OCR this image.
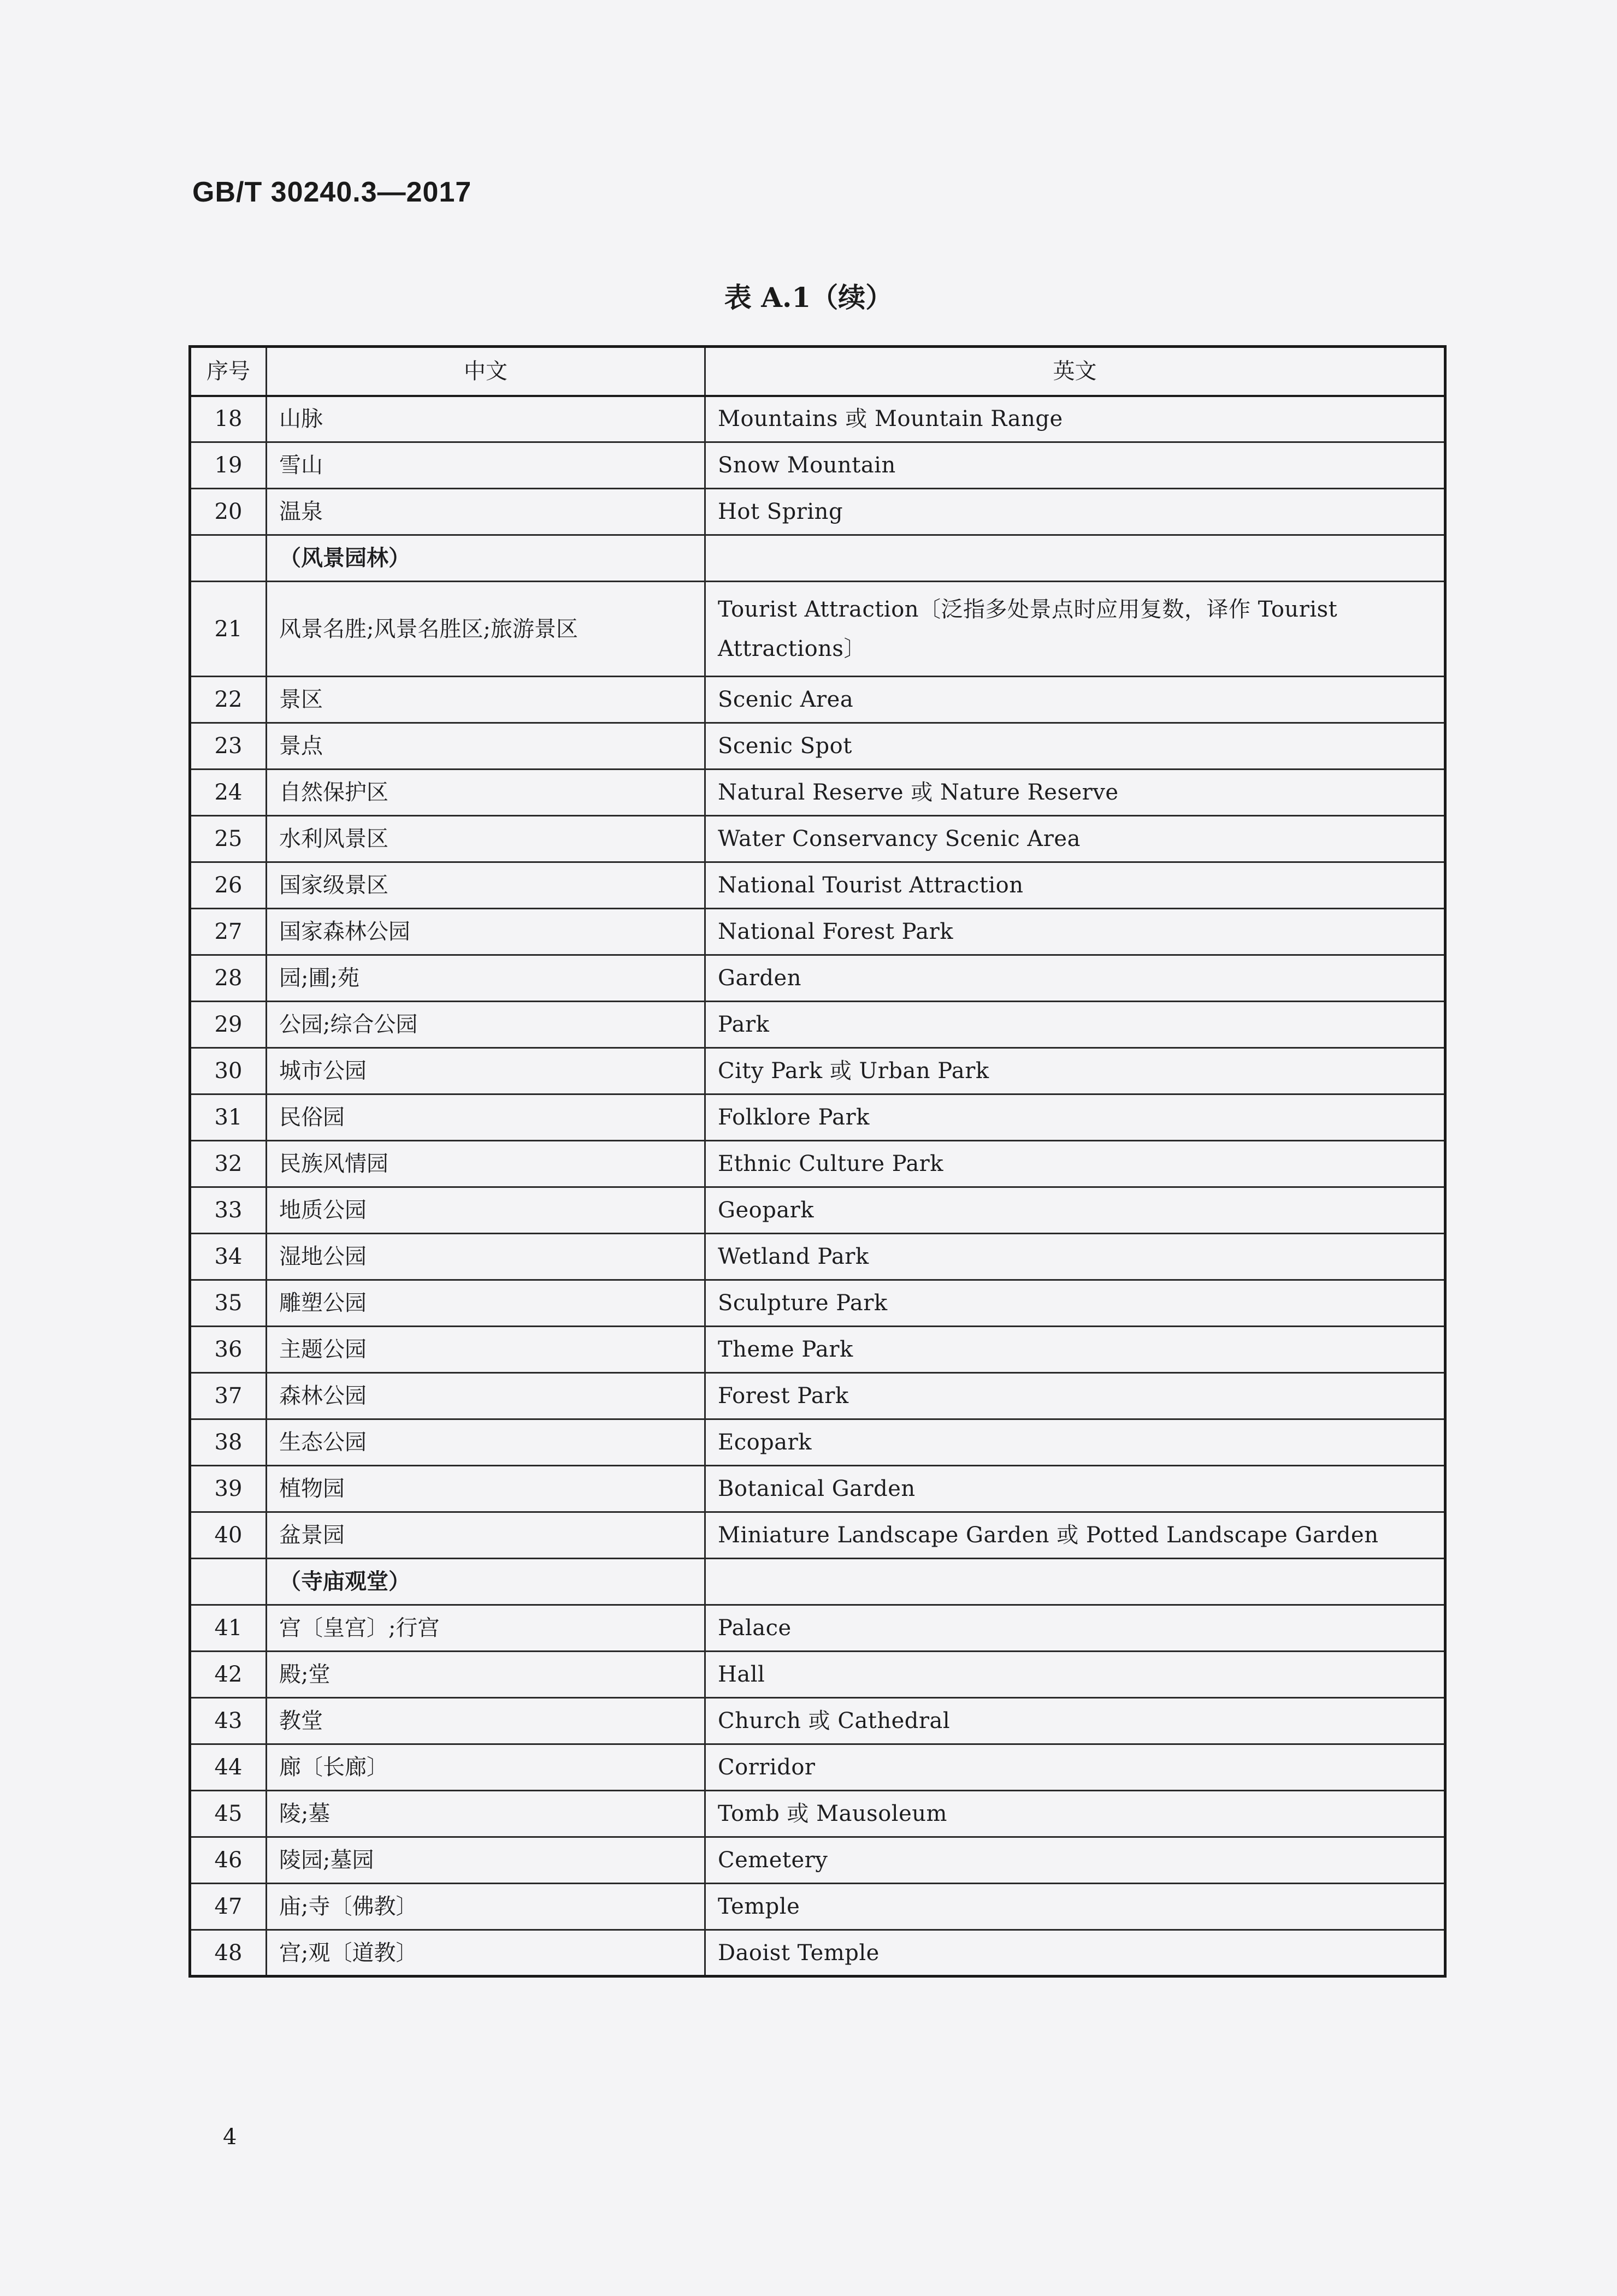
GB/T 30240.3—2017
表 A.1（续）
序号	中文	英文
18	山脉	Mountains 或 Mountain Range
19	雪山	Snow Mountain
20	温泉	Hot Spring
	（风景园林）	
21	风景名胜;风景名胜区;旅游景区	Tourist Attraction〔泛指多处景点时应用复数，译作 Tourist Attractions〕
22	景区	Scenic Area
23	景点	Scenic Spot
24	自然保护区	Natural Reserve 或 Nature Reserve
25	水利风景区	Water Conservancy Scenic Area
26	国家级景区	National Tourist Attraction
27	国家森林公园	National Forest Park
28	园;圃;苑	Garden
29	公园;综合公园	Park
30	城市公园	City Park 或 Urban Park
31	民俗园	Folklore Park
32	民族风情园	Ethnic Culture Park
33	地质公园	Geopark
34	湿地公园	Wetland Park
35	雕塑公园	Sculpture Park
36	主题公园	Theme Park
37	森林公园	Forest Park
38	生态公园	Ecopark
39	植物园	Botanical Garden
40	盆景园	Miniature Landscape Garden 或 Potted Landscape Garden
	（寺庙观堂）	
41	宫〔皇宫〕;行宫	Palace
42	殿;堂	Hall
43	教堂	Church 或 Cathedral
44	廊〔长廊〕	Corridor
45	陵;墓	Tomb 或 Mausoleum
46	陵园;墓园	Cemetery
47	庙;寺〔佛教〕	Temple
48	宫;观〔道教〕	Daoist Temple
4
